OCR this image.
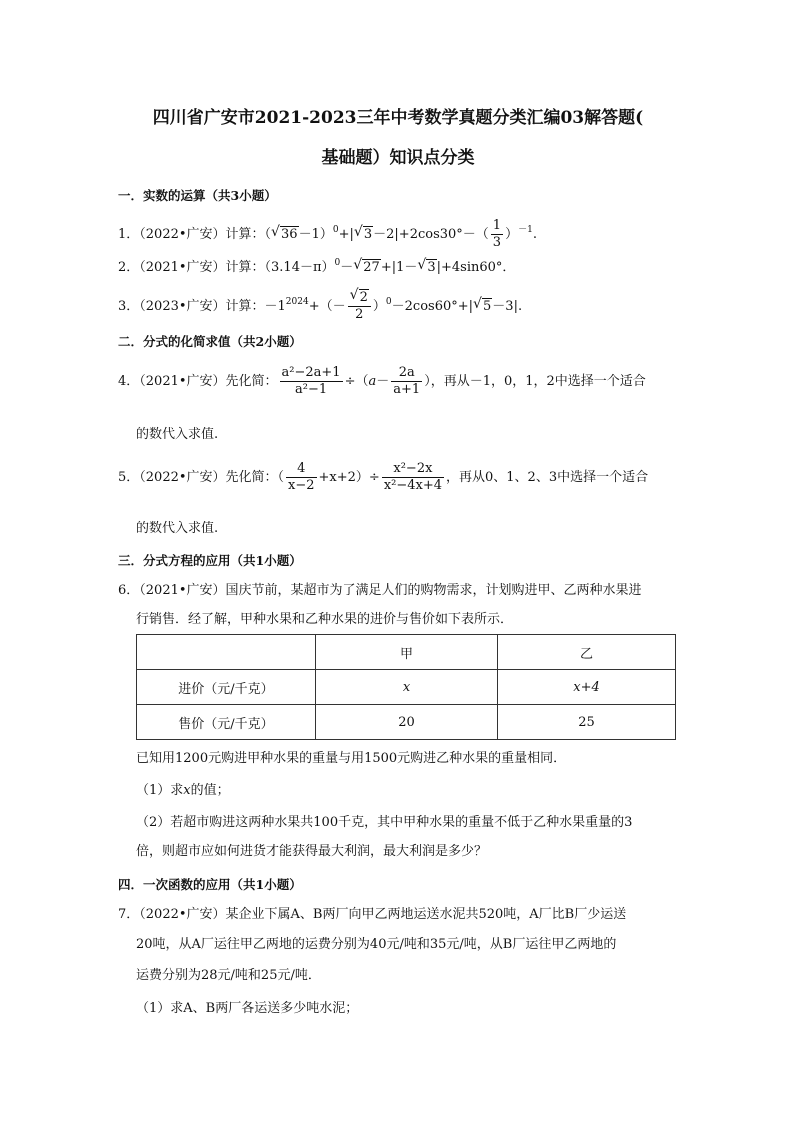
四川省广安市2021-2023三年中考数学真题分类汇编03解答题(
基础题）知识点分类
一．实数的运算（共3小题）
1．（2022•广安）计算：（ √ 36－1）$^0$+| √ $3-2|+2\cos 30^\circ-( \frac{1}{3} )^{-1}$.
2．（2021•广安）计算：$(3.14-\pi)^0-$ √ 27+|1－ √ 3|+4sin60°．
3．（2023•广安）计算：$-1^{2024}+(- \frac{√ 2}{2} )^0-2\cos 60^\circ+|$ √ 5－3|.
二．分式的化简求值（共2小题）
4．（2021•广安）先化简： $\frac{\text{a²−2a+1}}{\text{a²−1}} \div(a- \frac{2a}{a+1}$ ），再从－1，0，1，2中选择一个适合
的数代入求值.
5．（2022•广安）先化简：（ $\frac{4}{x-2} +x+2)\div \frac{\text{x²−2x}}{\text{x²−4x+4}}$ ，再从0、1、2、3中选择一个适合
的数代入求值.
三．分式方程的应用（共1小题）
6．（2021•广安）国庆节前，某超市为了满足人们的购物需求，计划购进甲、乙两种水果进
行销售．经了解，甲种水果和乙种水果的进价与售价如下表所示．
	甲	乙
进价（元/千克）	x	x+4
售价（元/千克）	20	25
已知用1200元购进甲种水果的重量与用1500元购进乙种水果的重量相同．
（1）求x的值；
（2）若超市购进这两种水果共100千克，其中甲种水果的重量不低于乙种水果重量的3
倍，则超市应如何进货才能获得最大利润，最大利润是多少？
四．一次函数的应用（共1小题）
7．（2022•广安）某企业下属A、B两厂向甲乙两地运送水泥共520吨，A厂比B厂少运送
20吨，从A厂运往甲乙两地的运费分别为40元/吨和35元/吨，从B厂运往甲乙两地的
运费分别为28元/吨和25元/吨．
（1）求A、B两厂各运送多少吨水泥；
